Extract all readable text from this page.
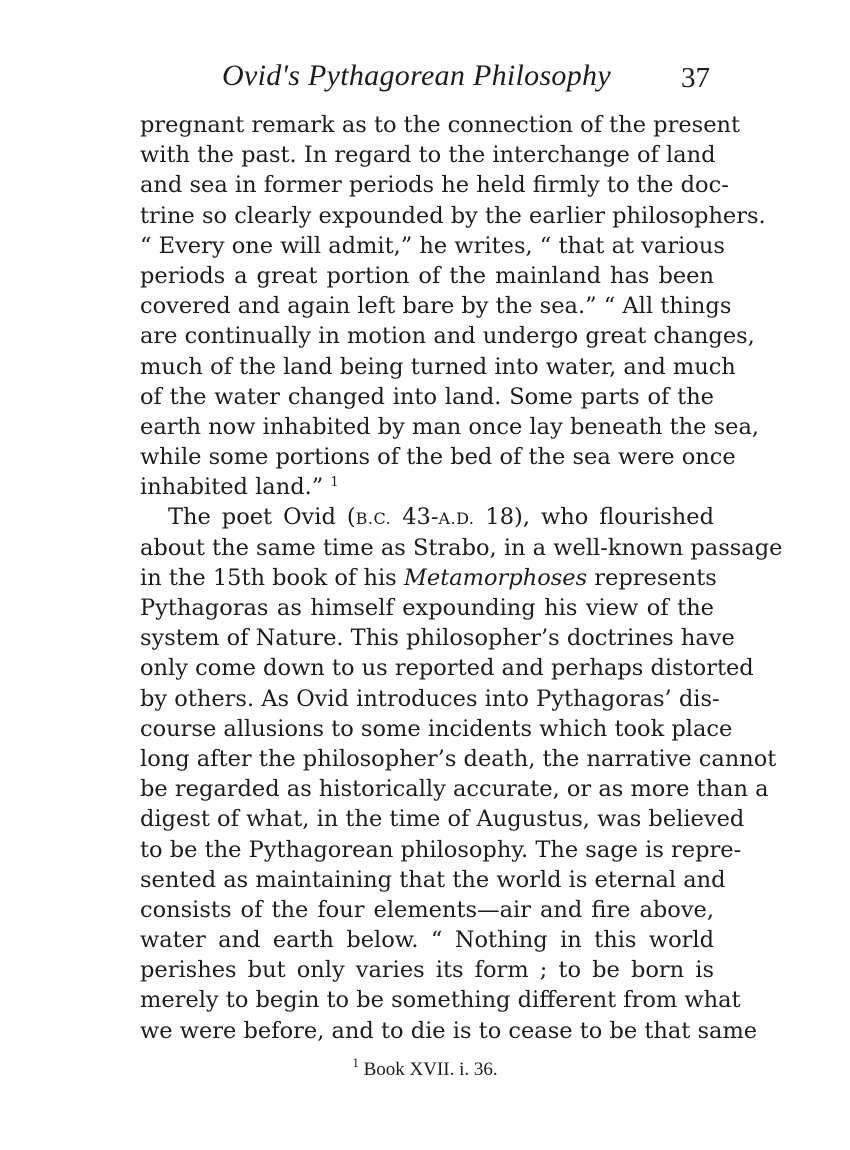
Ovid's Pythagorean Philosophy 37
pregnant remark as to the connection of the present
with the past. In regard to the interchange of land
and sea in former periods he held firmly to the doc-
trine so clearly expounded by the earlier philosophers.
“ Every one will admit,” he writes, “ that at various
periods a great portion of the mainland has been
covered and again left bare by the sea.” “ All things
are continually in motion and undergo great changes,
much of the land being turned into water, and much
of the water changed into land. Some parts of the
earth now inhabited by man once lay beneath the sea,
while some portions of the bed of the sea were once
inhabited land.” $^1$
The poet Ovid (B.C. 43-A.D. 18), who flourished
about the same time as Strabo, in a well-known passage
in the 15th book of his Metamorphoses represents
Pythagoras as himself expounding his view of the
system of Nature. This philosopher’s doctrines have
only come down to us reported and perhaps distorted
by others. As Ovid introduces into Pythagoras’ dis-
course allusions to some incidents which took place
long after the philosopher’s death, the narrative cannot
be regarded as historically accurate, or as more than a
digest of what, in the time of Augustus, was believed
to be the Pythagorean philosophy. The sage is repre-
sented as maintaining that the world is eternal and
consists of the four elements—air and fire above,
water and earth below. “ Nothing in this world
perishes but only varies its form ; to be born is
merely to begin to be something different from what
we were before, and to die is to cease to be that same
$^1$ Book XVII. i. 36.
